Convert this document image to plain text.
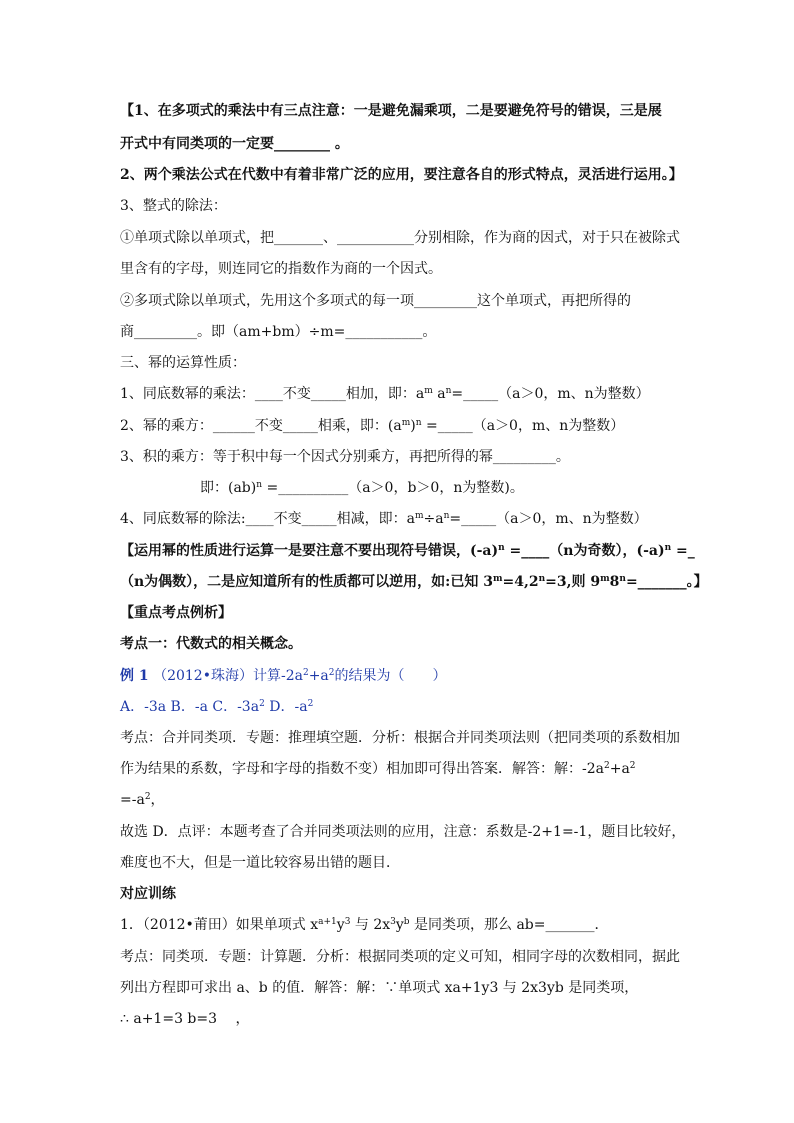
【1、在多项式的乘法中有三点注意：一是避免漏乘项，二是要避免符号的错误，三是展
开式中有同类项的一定要________ 。
2、两个乘法公式在代数中有着非常广泛的应用，要注意各自的形式特点，灵活进行运用。】
3、整式的除法：
①单项式除以单项式，把_______、___________分别相除，作为商的因式，对于只在被除式
里含有的字母，则连同它的指数作为商的一个因式。
②多项式除以单项式，先用这个多项式的每一项_________这个单项式，再把所得的
商_________。即（am+bm）÷m=___________。
三、幂的运算性质：
1、同底数幂的乘法：____不变_____相加，即：$a^m$ $a^n=\_\_\_\_\_(a>0$，m、n为整数）
2、幂的乘方：______不变_____相乘，即：$(a^m)^n$ =_____（a＞0，m、n为整数）
3、积的乘方：等于积中每一个因式分别乘方，再把所得的幂_________。
即：(ab)$^n$ =__________（a＞0，b＞0，n为整数)。
4、同底数幂的除法:____不变_____相减，即：$a^m\div a^n=\_\_\_\_\_(a>0$，m、n为整数）
【运用幂的性质进行运算一是要注意不要出现符号错误，$(-a)^n$ =____（n为奇数），$(-a)^n$ =_
（n为偶数），二是应知道所有的性质都可以逆用，如:已知 $3^m=4,2^n=3$,则 $9^m8^n=\_\_\_\_\_\_\_$。】
【重点考点例析】
考点一：代数式的相关概念。
例 1 （2012•珠海）计算$-2a^2+a^2$的结果为（　　）
A．-3a B．-a C．$-3a^2$ D．$-a^2$
考点：合并同类项．专题：推理填空题．分析：根据合并同类项法则（把同类项的系数相加
作为结果的系数，字母和字母的指数不变）相加即可得出答案．解答：解：$-2a^2+a^2$
$=-a^2$，
故选 D．点评：本题考查了合并同类项法则的应用，注意：系数是-2+1=-1，题目比较好，
难度也不大，但是一道比较容易出错的题目．
对应训练
1．（2012•莆田）如果单项式 $x^{a+1}y^3$ 与 $2x^3y^b$ 是同类项，那么 ab=_______．
考点：同类项．专题：计算题．分析：根据同类项的定义可知，相同字母的次数相同，据此
列出方程即可求出 a、b 的值．解答：解：∵单项式 xa+1y3 与 2x3yb 是同类项，
∴ a+1=3 b=3　 ，
